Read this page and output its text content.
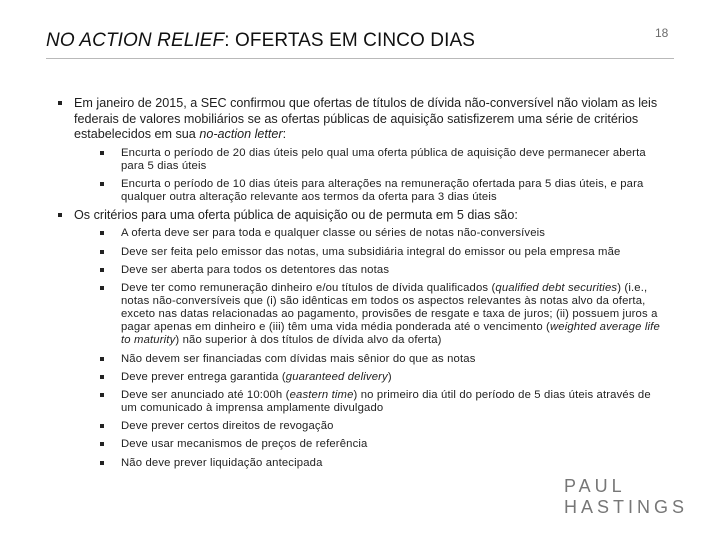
NO ACTION RELIEF: OFERTAS EM CINCO DIAS	18
Em janeiro de 2015, a SEC confirmou que ofertas de títulos de dívida não-conversível não violam as leis federais de valores mobiliários se as ofertas públicas de aquisição satisfizerem uma série de critérios estabelecidos em sua no-action letter:
Encurta o período de 20 dias úteis pelo qual uma oferta pública de aquisição deve permanecer aberta para 5 dias úteis
Encurta o período de 10 dias úteis para alterações na remuneração ofertada para 5 dias úteis, e para qualquer outra alteração relevante aos termos da oferta para 3 dias úteis
Os critérios para uma oferta pública de aquisição ou de permuta em 5 dias são:
A oferta deve ser para toda e qualquer classe ou séries de notas não-conversíveis
Deve ser feita pelo emissor das notas, uma subsidiária integral do emissor ou pela empresa mãe
Deve ser aberta para todos os detentores das notas
Deve ter como remuneração dinheiro e/ou títulos de dívida qualificados (qualified debt securities) (i.e., notas não-conversíveis que (i) são idênticas em todos os aspectos relevantes às notas alvo da oferta, exceto nas datas relacionadas ao pagamento, provisões de resgate e taxa de juros; (ii) possuem juros a pagar apenas em dinheiro e (iii) têm uma vida média ponderada até o vencimento (weighted average life to maturity) não superior à dos títulos de dívida alvo da oferta)
Não devem ser financiadas com dívidas mais sênior do que as notas
Deve prever entrega garantida (guaranteed delivery)
Deve ser anunciado até 10:00h (eastern time) no primeiro dia útil do período de 5 dias úteis através de um comunicado à imprensa amplamente divulgado
Deve prever certos direitos de revogação
Deve usar mecanismos de preços de referência
Não deve prever liquidação antecipada
PAUL
HASTINGS
